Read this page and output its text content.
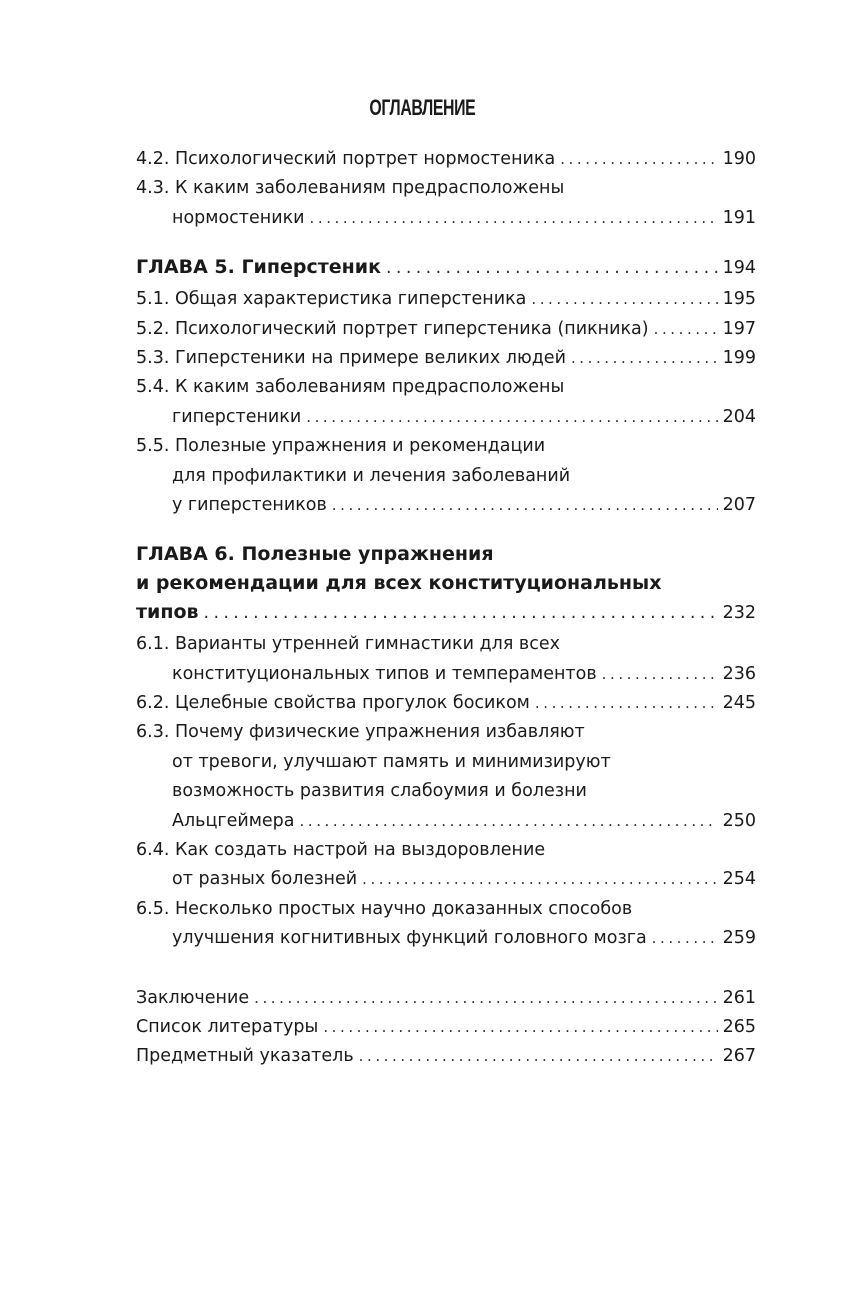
ОГЛАВЛЕНИЕ
4.2. Психологический портрет нормостеника . . .	190
4.3. К каким заболеваниям предрасположены
нормостеники . . .	191
ГЛАВА 5. Гиперстеник . . .	194
5.1. Общая характеристика гиперстеника . . .	195
5.2. Психологический портрет гиперстеника (пикника) . . .	197
5.3. Гиперстеники на примере великих людей . . .	199
5.4. К каким заболеваниям предрасположены
гиперстеники . . .	204
5.5. Полезные упражнения и рекомендации
для профилактики и лечения заболеваний
у гиперстеников . . .	207
ГЛАВА 6. Полезные упражнения
и рекомендации для всех конституциональных
типов . . .	232
6.1. Варианты утренней гимнастики для всех
конституциональных типов и темпераментов . . .	236
6.2. Целебные свойства прогулок босиком . . .	245
6.3. Почему физические упражнения избавляют
от тревоги, улучшают память и минимизируют
возможность развития слабоумия и болезни
Альцгеймера . . .	250
6.4. Как создать настрой на выздоровление
от разных болезней . . .	254
6.5. Несколько простых научно доказанных способов
улучшения когнитивных функций головного мозга . . .	259
Заключение . . .	261
Список литературы . . .	265
Предметный указатель . . .	267
